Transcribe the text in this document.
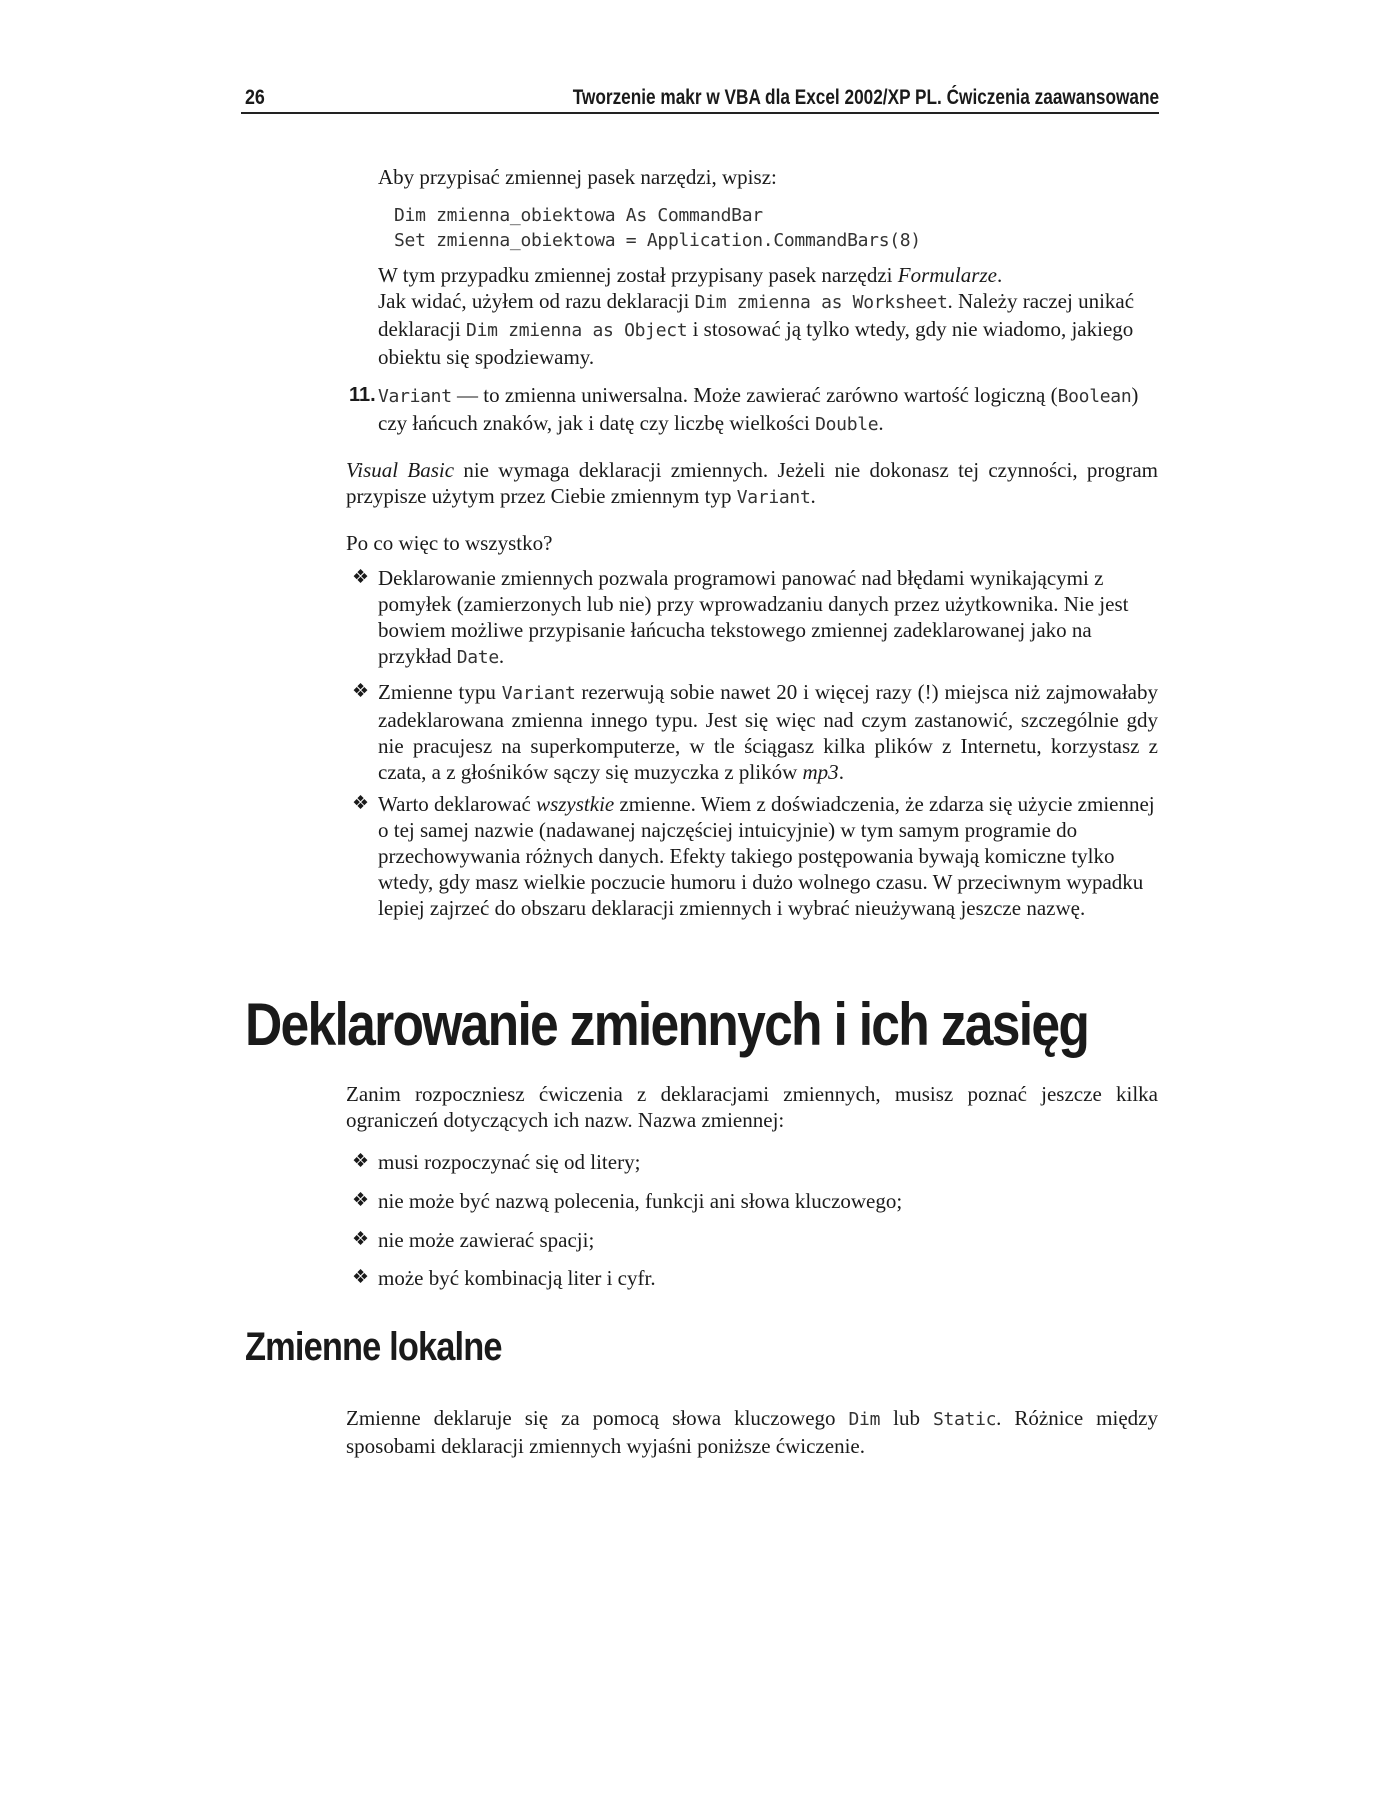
26	Tworzenie makr w VBA dla Excel 2002/XP PL. Ćwiczenia zaawansowane

Aby przypisać zmiennej pasek narzędzi, wpisz:

Dim zmienna_obiektowa As CommandBar
Set zmienna_obiektowa = Application.CommandBars(8)

W tym przypadku zmiennej został przypisany pasek narzędzi Formularze.
Jak widać, użyłem od razu deklaracji Dim zmienna as Worksheet. Należy raczej unikać deklaracji Dim zmienna as Object i stosować ją tylko wtedy, gdy nie wiadomo, jakiego obiektu się spodziewamy.

11. Variant — to zmienna uniwersalna. Może zawierać zarówno wartość logiczną (Boolean) czy łańcuch znaków, jak i datę czy liczbę wielkości Double.

Visual Basic nie wymaga deklaracji zmiennych. Jeżeli nie dokonasz tej czynności, program przypisze użytym przez Ciebie zmiennym typ Variant.

Po co więc to wszystko?

❖ Deklarowanie zmiennych pozwala programowi panować nad błędami wynikającymi z pomyłek (zamierzonych lub nie) przy wprowadzaniu danych przez użytkownika. Nie jest bowiem możliwe przypisanie łańcucha tekstowego zmiennej zadeklarowanej jako na przykład Date.

❖ Zmienne typu Variant rezerwują sobie nawet 20 i więcej razy (!) miejsca niż zajmowałaby zadeklarowana zmienna innego typu. Jest się więc nad czym zastanowić, szczególnie gdy nie pracujesz na superkomputerze, w tle ściągasz kilka plików z Internetu, korzystasz z czata, a z głośników sączy się muzyczka z plików mp3.

❖ Warto deklarować wszystkie zmienne. Wiem z doświadczenia, że zdarza się użycie zmiennej o tej samej nazwie (nadawanej najczęściej intuicyjnie) w tym samym programie do przechowywania różnych danych. Efekty takiego postępowania bywają komiczne tylko wtedy, gdy masz wielkie poczucie humoru i dużo wolnego czasu. W przeciwnym wypadku lepiej zajrzeć do obszaru deklaracji zmiennych i wybrać nieużywaną jeszcze nazwę.

Deklarowanie zmiennych i ich zasięg

Zanim rozpoczniesz ćwiczenia z deklaracjami zmiennych, musisz poznać jeszcze kilka ograniczeń dotyczących ich nazw. Nazwa zmiennej:

❖ musi rozpoczynać się od litery;

❖ nie może być nazwą polecenia, funkcji ani słowa kluczowego;

❖ nie może zawierać spacji;

❖ może być kombinacją liter i cyfr.

Zmienne lokalne

Zmienne deklaruje się za pomocą słowa kluczowego Dim lub Static. Różnice między sposobami deklaracji zmiennych wyjaśni poniższe ćwiczenie.
